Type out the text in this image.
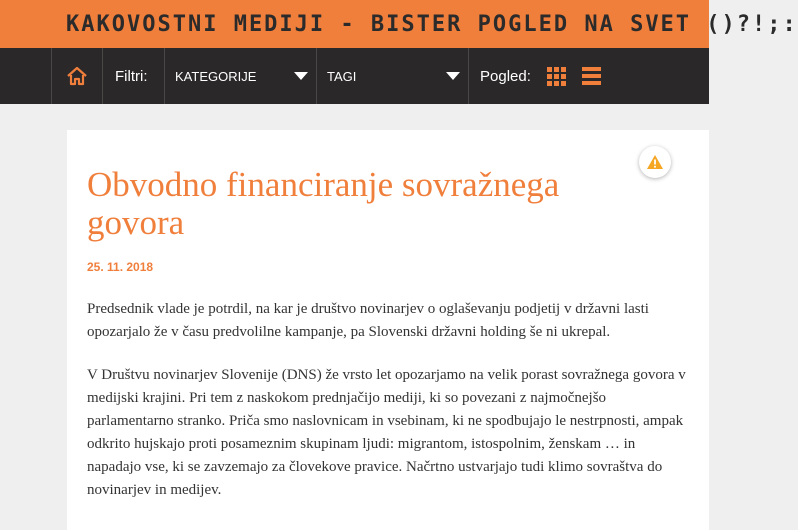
KAKOVOSTNI MEDIJI - BISTER POGLED NA SVET ()?!;:
Filtri:	KATEGORIJE	TAGI	Pogled:
Obvodno financiranje sovražnega govora
25. 11. 2018

Predsednik vlade je potrdil, na kar je društvo novinarjev o oglaševanju podjetij v državni lasti opozarjalo že v času predvolilne kampanje, pa Slovenski državni holding še ni ukrepal.

V Društvu novinarjev Slovenije (DNS) že vrsto let opozarjamo na velik porast sovražnega govora v medijski krajini. Pri tem z naskokom prednjačijo mediji, ki so povezani z najmočnejšo parlamentarno stranko. Priča smo naslovnicam in vsebinam, ki ne spodbujajo le nestrpnosti, ampak odkrito hujskajo proti posameznim skupinam ljudi: migrantom, istospolnim, ženskam … in napadajo vse, ki se zavzemajo za človekove pravice. Načrtno ustvarjajo tudi klimo sovraštva do novinarjev in medijev.
